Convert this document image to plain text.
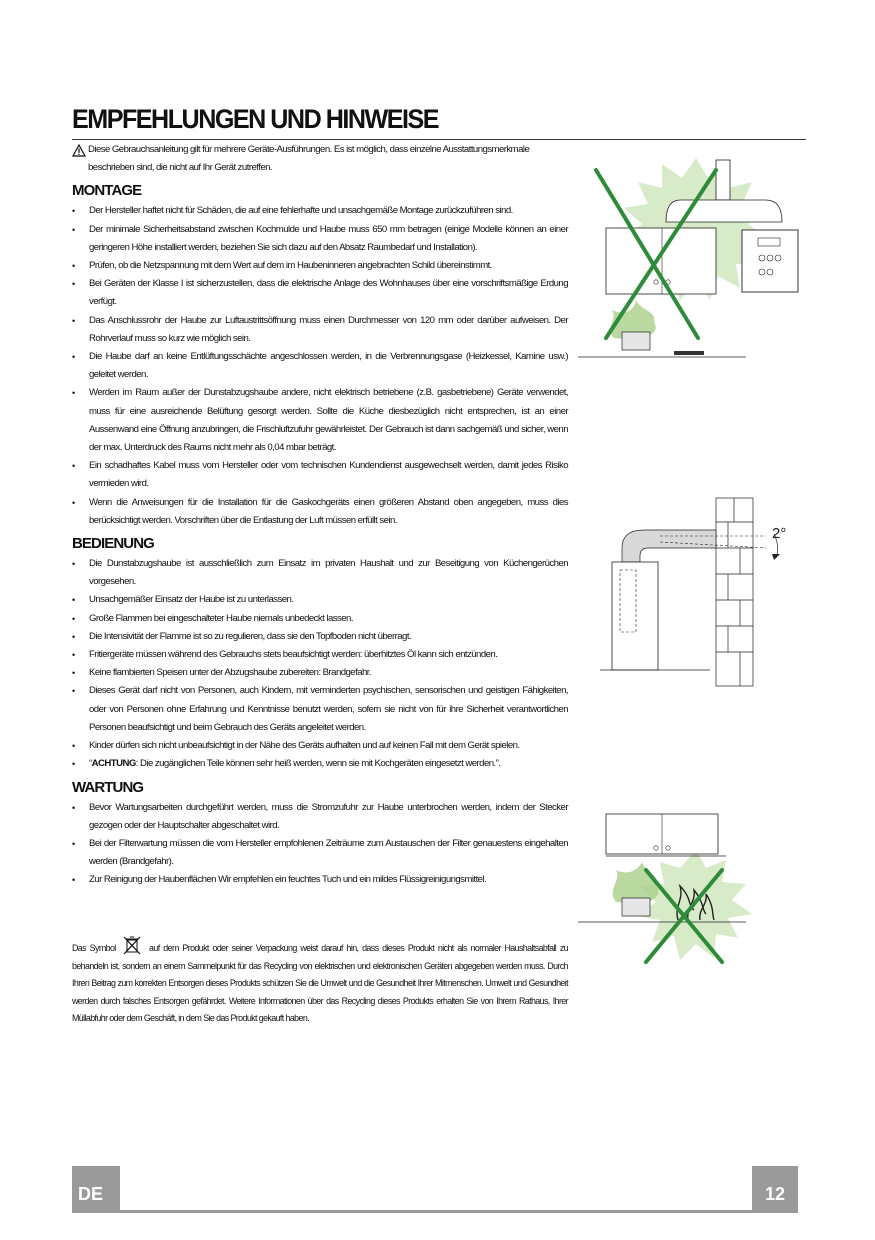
EMPFEHLUNGEN UND HINWEISE
Diese Gebrauchsanleitung gilt für mehrere Geräte-Ausführungen. Es ist möglich, dass einzelne Ausstattungsmerkmale beschrieben sind, die nicht auf Ihr Gerät zutreffen.
MONTAGE
• Der Hersteller haftet nicht für Schäden, die auf eine fehlerhafte und unsachgemäße Montage zurückzuführen sind.
• Der minimale Sicherheitsabstand zwischen Kochmulde und Haube muss 650 mm betragen (einige Modelle können an einer geringeren Höhe installiert werden, beziehen Sie sich dazu auf den Absatz Raumbedarf und Installation).
• Prüfen, ob die Netzspannung mit dem Wert auf dem im Haubeninneren angebrachten Schild übereinstimmt.
• Bei Geräten der Klasse I ist sicherzustellen, dass die elektrische Anlage des Wohnhauses über eine vorschriftsmäßige Erdung verfügt.
• Das Anschlussrohr der Haube zur Luftaustrittsöffnung muss einen Durchmesser von 120 mm oder darüber aufweisen. Der Rohrverlauf muss so kurz wie möglich sein.
• Die Haube darf an keine Entlüftungsschächte angeschlossen werden, in die Verbrennungsgase (Heizkessel, Kamine usw.) geleitet werden.
• Werden im Raum außer der Dunstabzugshaube andere, nicht elektrisch betriebene (z.B. gasbetriebene) Geräte verwendet, muss für eine ausreichende Belüftung gesorgt werden. Sollte die Küche diesbezüglich nicht entsprechen, ist an einer Aussenwand eine Öffnung anzubringen, die Frischluftzufuhr gewährleistet. Der Gebrauch ist dann sachgemäß und sicher, wenn der max. Unterdruck des Raums nicht mehr als 0,04 mbar beträgt.
• Ein schadhaftes Kabel muss vom Hersteller oder vom technischen Kundendienst ausgewechselt werden, damit jedes Risiko vermieden wird.
• Wenn die Anweisungen für die Installation für die Gaskochgeräts einen größeren Abstand oben angegeben, muss dies berücksichtigt werden. Vorschriften über die Entlastung der Luft müssen erfüllt sein.
BEDIENUNG
• Die Dunstabzugshaube ist ausschließlich zum Einsatz im privaten Haushalt und zur Beseitigung von Küchengerüchen vorgesehen.
• Unsachgemäßer Einsatz der Haube ist zu unterlassen.
• Große Flammen bei eingeschalteter Haube niemals unbedeckt lassen.
• Die Intensivität der Flamme ist so zu regulieren, dass sie den Topfboden nicht überragt.
• Fritiergeräte müssen während des Gebrauchs stets beaufsichtigt werden: überhitztes Öl kann sich entzünden.
• Keine flambierten Speisen unter der Abzugshaube zubereiten: Brandgefahr.
• Dieses Gerät darf nicht von Personen, auch Kindern, mit verminderten psychischen, sensorischen und geistigen Fähigkeiten, oder von Personen ohne Erfahrung und Kenntnisse benutzt werden, sofern sie nicht von für ihre Sicherheit verantwortlichen Personen beaufsichtigt und beim Gebrauch des Geräts angeleitet werden.
• Kinder dürfen sich nicht unbeaufsichtigt in der Nähe des Geräts aufhalten und auf keinen Fall mit dem Gerät spielen.
• “ACHTUNG: Die zugänglichen Teile können sehr heiß werden, wenn sie mit Kochgeräten eingesetzt werden.”.
WARTUNG
• Bevor Wartungsarbeiten durchgeführt werden, muss die Stromzufuhr zur Haube unterbrochen werden, indem der Stecker gezogen oder der Hauptschalter abgeschaltet wird.
• Bei der Filterwartung müssen die vom Hersteller empfohlenen Zeiträume zum Austauschen der Filter genauestens eingehalten werden (Brandgefahr).
• Zur Reinigung der Haubenflächen Wir empfehlen ein feuchtes Tuch und ein mildes Flüssigreinigungsmittel.
Das Symbol	auf dem Produkt oder seiner Verpackung weist darauf hin, dass dieses Produkt nicht als normaler Haushaltsabfall zu behandeln ist, sondern an einem Sammelpunkt für das Recycling von elektrischen und elektronischen Geräten abgegeben werden muss. Durch Ihren Beitrag zum korrekten Entsorgen dieses Produkts schützen Sie die Umwelt und die Gesundheit Ihrer Mitmenschen. Umwelt und Gesundheit werden durch falsches Entsorgen gefährdet. Weitere Informationen über das Recycling dieses Produkts erhalten Sie von Ihrem Rathaus, Ihrer Müllabfuhr oder dem Geschäft, in dem Sie das Produkt gekauft haben.
2°
DE	12
